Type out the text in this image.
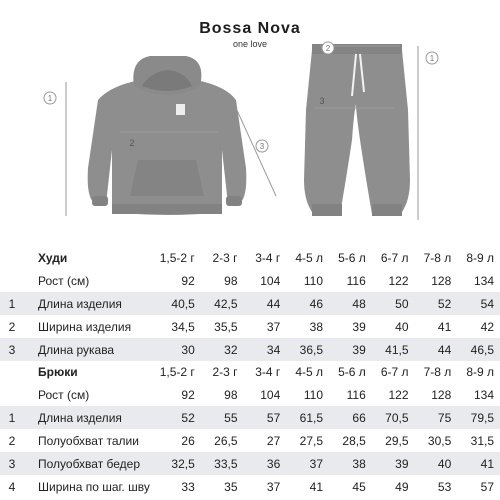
Bossa Nova
one love
1
2	3
2
1
3
	Худи	1,5-2 г	2-3 г	3-4 г	4-5 л	5-6 л	6-7 л	7-8 л	8-9 л
	Рост (см)	92	98	104	110	116	122	128	134
1	Длина изделия	40,5	42,5	44	46	48	50	52	54
2	Ширина изделия	34,5	35,5	37	38	39	40	41	42
3	Длина рукава	30	32	34	36,5	39	41,5	44	46,5
	Брюки	1,5-2 г	2-3 г	3-4 г	4-5 л	5-6 л	6-7 л	7-8 л	8-9 л
	Рост (см)	92	98	104	110	116	122	128	134
1	Длина изделия	52	55	57	61,5	66	70,5	75	79,5
2	Полуобхват талии	26	26,5	27	27,5	28,5	29,5	30,5	31,5
3	Полуобхват бедер	32,5	33,5	36	37	38	39	40	41
4	Ширина по шаг. шву	33	35	37	41	45	49	53	57
